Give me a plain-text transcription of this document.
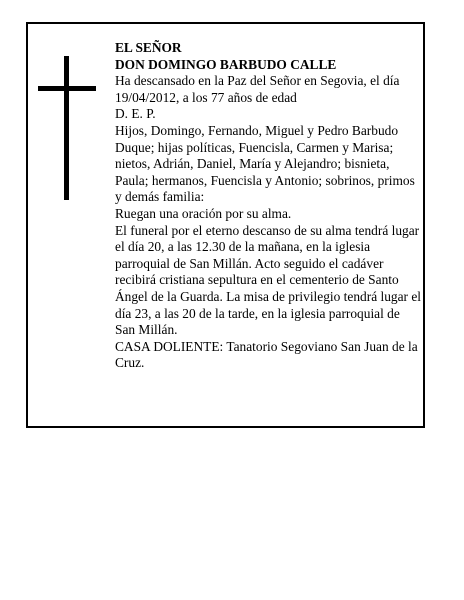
EL SEÑOR

DON DOMINGO BARBUDO CALLE

Ha descansado en la Paz del Señor en Segovia, el día 19/04/2012, a los 77 años de edad

D. E. P.

Hijos, Domingo, Fernando, Miguel y Pedro Barbudo Duque; hijas políticas, Fuencisla, Carmen y Marisa; nietos, Adrián, Daniel, María y Alejandro; bisnieta, Paula; hermanos, Fuencisla y Antonio; sobrinos, primos y demás familia:

Ruegan una oración por su alma.

El funeral por el eterno descanso de su alma tendrá lugar el día 20, a las 12.30 de la mañana, en la iglesia parroquial de San Millán. Acto seguido el cadáver recibirá cristiana sepultura en el cementerio de Santo Ángel de la Guarda. La misa de privilegio tendrá lugar el día 23, a las 20 de la tarde, en la iglesia parroquial de San Millán.

CASA DOLIENTE: Tanatorio Segoviano San Juan de la Cruz.
